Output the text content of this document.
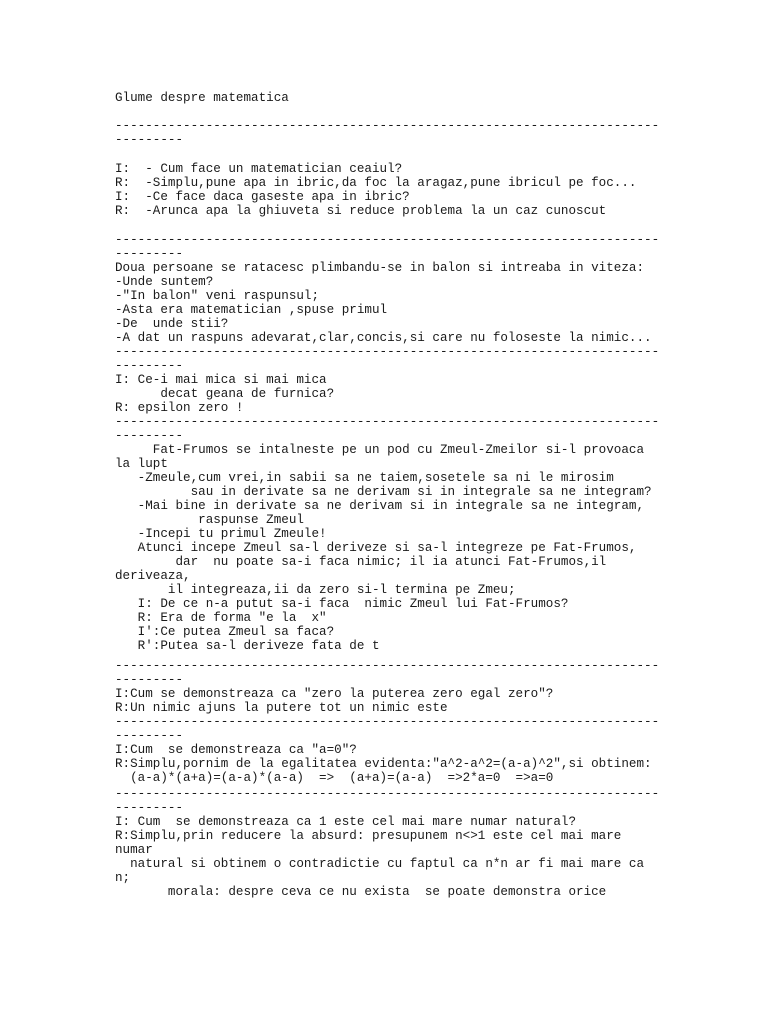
Glume despre matematica
------------------------------------------------------------------------
---------
I:  - Cum face un matematician ceaiul?
R:  -Simplu,pune apa in ibric,da foc la aragaz,pune ibricul pe foc...
I:  -Ce face daca gaseste apa in ibric?
R:  -Arunca apa la ghiuveta si reduce problema la un caz cunoscut
------------------------------------------------------------------------
---------
Doua persoane se ratacesc plimbandu-se in balon si intreaba in viteza:
-Unde suntem?
-"In balon" veni raspunsul;
-Asta era matematician ,spuse primul
-De  unde stii?
-A dat un raspuns adevarat,clar,concis,si care nu foloseste la nimic...
------------------------------------------------------------------------
---------
I: Ce-i mai mica si mai mica
decat geana de furnica?
R: epsilon zero !
------------------------------------------------------------------------
---------
Fat-Frumos se intalneste pe un pod cu Zmeul-Zmeilor si-l provoaca
la lupt
-Zmeule,cum vrei,in sabii sa ne taiem,sosetele sa ni le mirosim
sau in derivate sa ne derivam si in integrale sa ne integram?
-Mai bine in derivate sa ne derivam si in integrale sa ne integram,
raspunse Zmeul
-Incepi tu primul Zmeule!
Atunci incepe Zmeul sa-l deriveze si sa-l integreze pe Fat-Frumos,
dar  nu poate sa-i faca nimic; il ia atunci Fat-Frumos,il
deriveaza,
il integreaza,ii da zero si-l termina pe Zmeu;
I: De ce n-a putut sa-i faca  nimic Zmeul lui Fat-Frumos?
R: Era de forma "e la  x"
I':Ce putea Zmeul sa faca?
R':Putea sa-l deriveze fata de t
------------------------------------------------------------------------
---------
I:Cum se demonstreaza ca "zero la puterea zero egal zero"?
R:Un nimic ajuns la putere tot un nimic este
------------------------------------------------------------------------
---------
I:Cum  se demonstreaza ca "a=0"?
R:Simplu,pornim de la egalitatea evidenta:"a^2-a^2=(a-a)^2",si obtinem:
(a-a)*(a+a)=(a-a)*(a-a)  =>  (a+a)=(a-a)  =>2*a=0  =>a=0
------------------------------------------------------------------------
---------
I: Cum  se demonstreaza ca 1 este cel mai mare numar natural?
R:Simplu,prin reducere la absurd: presupunem n<>1 este cel mai mare
numar
natural si obtinem o contradictie cu faptul ca n*n ar fi mai mare ca
n;
morala: despre ceva ce nu exista  se poate demonstra orice
